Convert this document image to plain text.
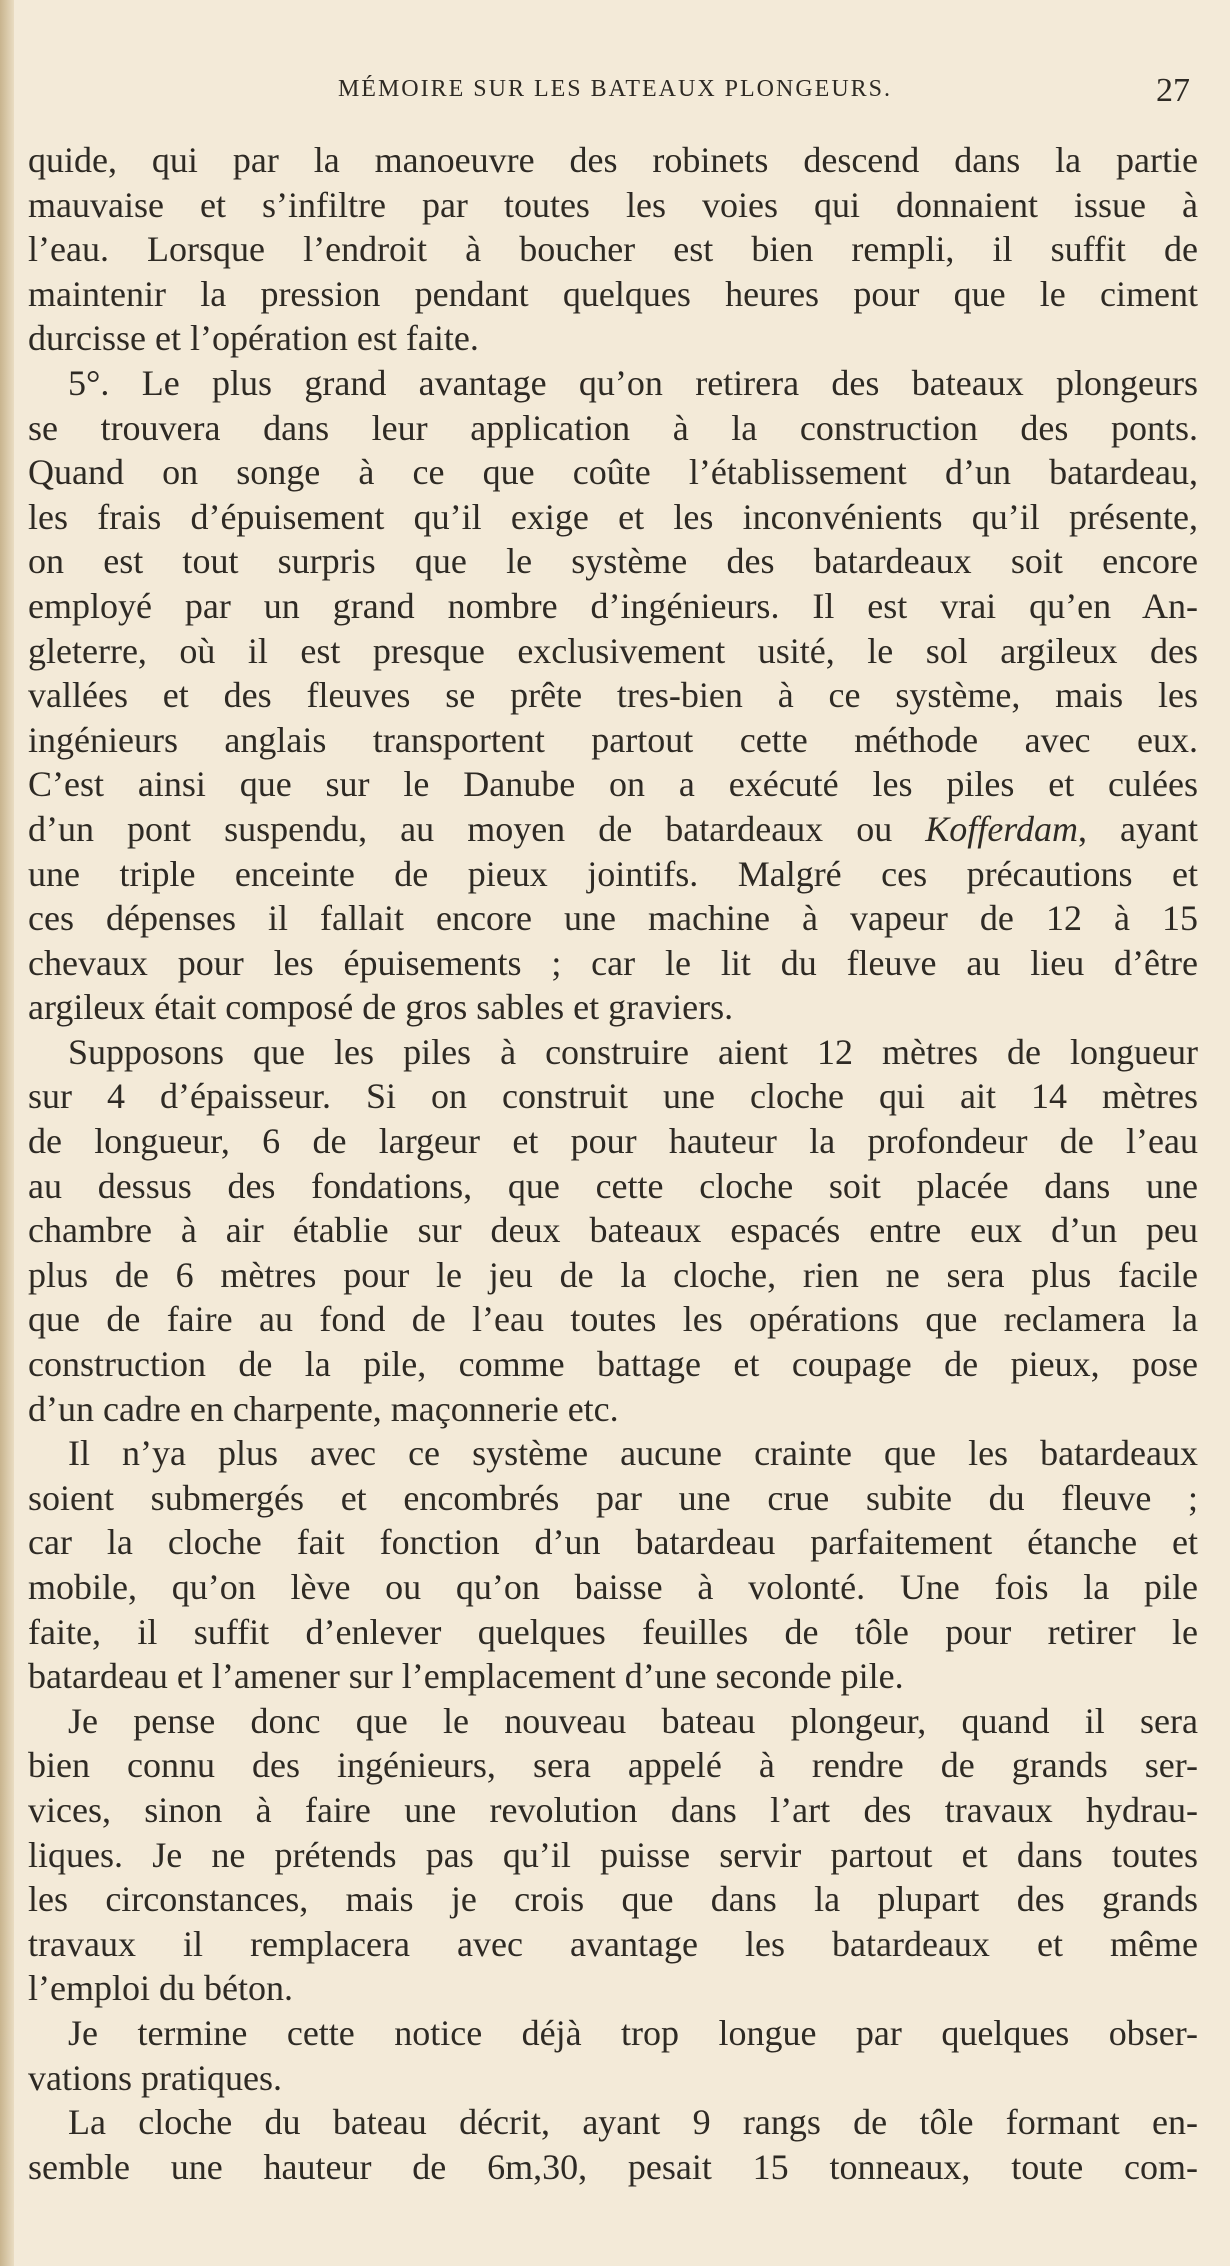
MÉMOIRE SUR LES BATEAUX PLONGEURS.	27
quide, qui par la manoeuvre des robinets descend dans la partie
mauvaise et s’infiltre par toutes les voies qui donnaient issue à
l’eau. Lorsque l’endroit à boucher est bien rempli, il suffit de
maintenir la pression pendant quelques heures pour que le ciment
durcisse et l’opération est faite.
5°. Le plus grand avantage qu’on retirera des bateaux plongeurs
se trouvera dans leur application à la construction des ponts.
Quand on songe à ce que coûte l’établissement d’un batardeau,
les frais d’épuisement qu’il exige et les inconvénients qu’il présente,
on est tout surpris que le système des batardeaux soit encore
employé par un grand nombre d’ingénieurs. Il est vrai qu’en An-
gleterre, où il est presque exclusivement usité, le sol argileux des
vallées et des fleuves se prête tres-bien à ce système, mais les
ingénieurs anglais transportent partout cette méthode avec eux.
C’est ainsi que sur le Danube on a exécuté les piles et culées
d’un pont suspendu, au moyen de batardeaux ou Kofferdam, ayant
une triple enceinte de pieux jointifs. Malgré ces précautions et
ces dépenses il fallait encore une machine à vapeur de 12 à 15
chevaux pour les épuisements ; car le lit du fleuve au lieu d’être
argileux était composé de gros sables et graviers.
Supposons que les piles à construire aient 12 mètres de longueur
sur 4 d’épaisseur. Si on construit une cloche qui ait 14 mètres
de longueur, 6 de largeur et pour hauteur la profondeur de l’eau
au dessus des fondations, que cette cloche soit placée dans une
chambre à air établie sur deux bateaux espacés entre eux d’un peu
plus de 6 mètres pour le jeu de la cloche, rien ne sera plus facile
que de faire au fond de l’eau toutes les opérations que reclamera la
construction de la pile, comme battage et coupage de pieux, pose
d’un cadre en charpente, maçonnerie etc.
Il n’ya plus avec ce système aucune crainte que les batardeaux
soient submergés et encombrés par une crue subite du fleuve ;
car la cloche fait fonction d’un batardeau parfaitement étanche et
mobile, qu’on lève ou qu’on baisse à volonté. Une fois la pile
faite, il suffit d’enlever quelques feuilles de tôle pour retirer le
batardeau et l’amener sur l’emplacement d’une seconde pile.
Je pense donc que le nouveau bateau plongeur, quand il sera
bien connu des ingénieurs, sera appelé à rendre de grands ser-
vices, sinon à faire une revolution dans l’art des travaux hydrau-
liques. Je ne prétends pas qu’il puisse servir partout et dans toutes
les circonstances, mais je crois que dans la plupart des grands
travaux il remplacera avec avantage les batardeaux et même
l’emploi du béton.
Je termine cette notice déjà trop longue par quelques obser-
vations pratiques.
La cloche du bateau décrit, ayant 9 rangs de tôle formant en-
semble une hauteur de 6m,30, pesait 15 tonneaux, toute com-
